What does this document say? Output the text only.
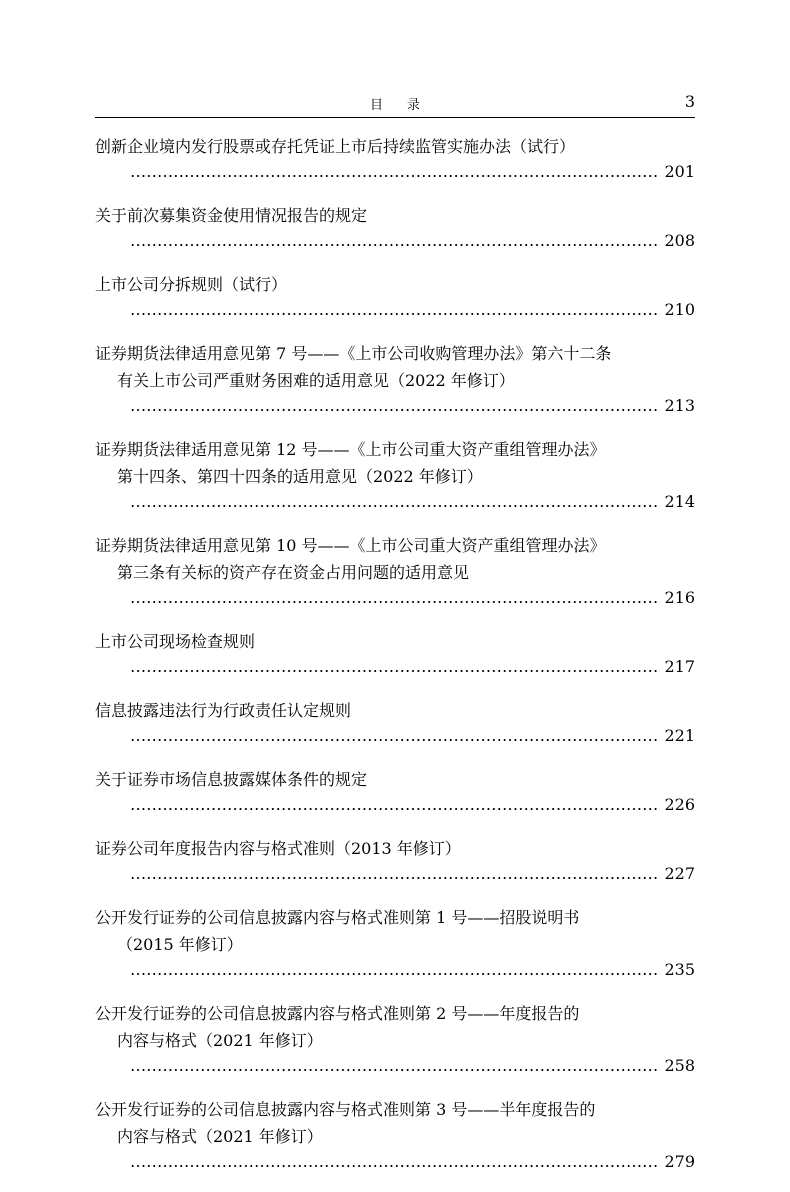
目录	3
创新企业境内发行股票或存托凭证上市后持续监管实施办法（试行）
201
关于前次募集资金使用情况报告的规定
208
上市公司分拆规则（试行）
210
证券期货法律适用意见第 7 号——《上市公司收购管理办法》第六十二条
有关上市公司严重财务困难的适用意见（2022 年修订）
213
证券期货法律适用意见第 12 号——《上市公司重大资产重组管理办法》
第十四条、第四十四条的适用意见（2022 年修订）
214
证券期货法律适用意见第 10 号——《上市公司重大资产重组管理办法》
第三条有关标的资产存在资金占用问题的适用意见
216
上市公司现场检查规则
217
信息披露违法行为行政责任认定规则
221
关于证券市场信息披露媒体条件的规定
226
证券公司年度报告内容与格式准则（2013 年修订）
227
公开发行证券的公司信息披露内容与格式准则第 1 号——招股说明书
（2015 年修订）
235
公开发行证券的公司信息披露内容与格式准则第 2 号——年度报告的
内容与格式（2021 年修订）
258
公开发行证券的公司信息披露内容与格式准则第 3 号——半年度报告的
内容与格式（2021 年修订）
279
